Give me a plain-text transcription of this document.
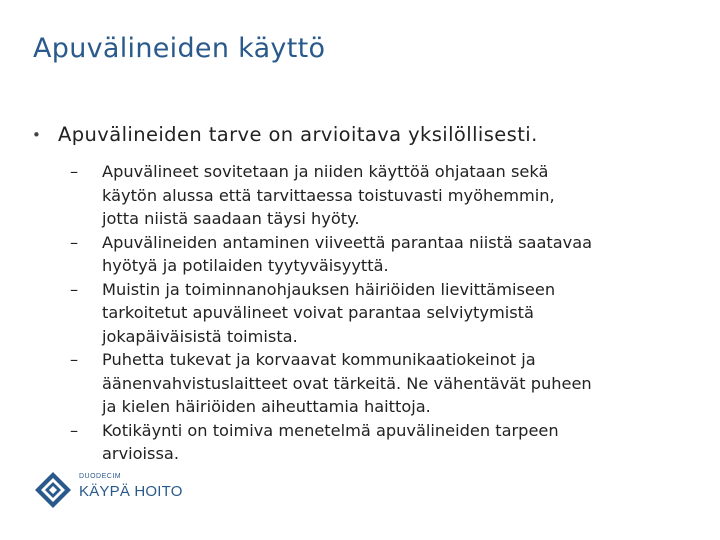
Apuvälineiden käyttö
• Apuvälineiden tarve on arvioitava yksilöllisesti.
– Apuvälineet sovitetaan ja niiden käyttöä ohjataan sekä
käytön alussa että tarvittaessa toistuvasti myöhemmin,
jotta niistä saadaan täysi hyöty.
– Apuvälineiden antaminen viiveettä parantaa niistä saatavaa
hyötyä ja potilaiden tyytyväisyyttä.
– Muistin ja toiminnanohjauksen häiriöiden lievittämiseen
tarkoitetut apuvälineet voivat parantaa selviytymistä
jokapäiväisistä toimista.
– Puhetta tukevat ja korvaavat kommunikaatiokeinot ja
äänenvahvistuslaitteet ovat tärkeitä. Ne vähentävät puheen
ja kielen häiriöiden aiheuttamia haittoja.
– Kotikäynti on toimiva menetelmä apuvälineiden tarpeen
arvioissa.
DUODECIM
KÄYPÄ HOITO
